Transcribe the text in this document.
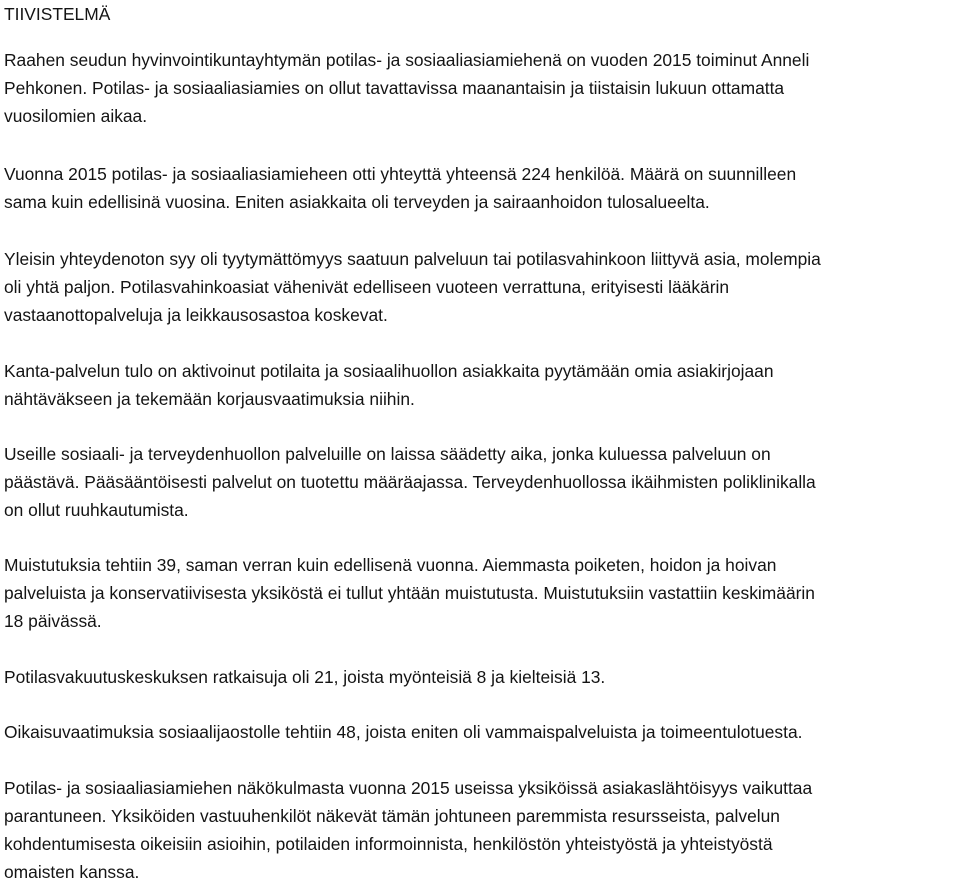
TIIVISTELMÄ

Raahen seudun hyvinvointikuntayhtymän potilas- ja sosiaaliasiamiehenä on vuoden 2015 toiminut Anneli
Pehkonen. Potilas- ja sosiaaliasiamies on ollut tavattavissa maanantaisin ja tiistaisin lukuun ottamatta
vuosilomien aikaa.

Vuonna 2015 potilas- ja sosiaaliasiamieheen otti yhteyttä yhteensä 224 henkilöä. Määrä on suunnilleen
sama kuin edellisinä vuosina. Eniten asiakkaita oli terveyden ja sairaanhoidon tulosalueelta.

Yleisin yhteydenoton syy oli tyytymättömyys saatuun palveluun tai potilasvahinkoon liittyvä asia, molempia
oli yhtä paljon. Potilasvahinkoasiat vähenivät edelliseen vuoteen verrattuna, erityisesti lääkärin
vastaanottopalveluja ja leikkausosastoa koskevat.

Kanta-palvelun tulo on aktivoinut potilaita ja sosiaalihuollon asiakkaita pyytämään omia asiakirjojaan
nähtäväkseen ja tekemään korjausvaatimuksia niihin.

Useille sosiaali- ja terveydenhuollon palveluille on laissa säädetty aika, jonka kuluessa palveluun on
päästävä. Pääsääntöisesti palvelut on tuotettu määräajassa. Terveydenhuollossa ikäihmisten poliklinikalla
on ollut ruuhkautumista.

Muistutuksia tehtiin 39, saman verran kuin edellisenä vuonna. Aiemmasta poiketen, hoidon ja hoivan
palveluista ja konservatiivisesta yksiköstä ei tullut yhtään muistutusta. Muistutuksiin vastattiin keskimäärin
18 päivässä.

Potilasvakuutuskeskuksen ratkaisuja oli 21, joista myönteisiä 8 ja kielteisiä 13.

Oikaisuvaatimuksia sosiaalijaostolle tehtiin 48, joista eniten oli vammaispalveluista ja toimeentulotuesta.

Potilas- ja sosiaaliasiamiehen näkökulmasta vuonna 2015 useissa yksiköissä asiakaslähtöisyys vaikuttaa
parantuneen. Yksiköiden vastuuhenkilöt näkevät tämän johtuneen paremmista resursseista, palvelun
kohdentumisesta oikeisiin asioihin, potilaiden informoinnista, henkilöstön yhteistyöstä ja yhteistyöstä
omaisten kanssa.
